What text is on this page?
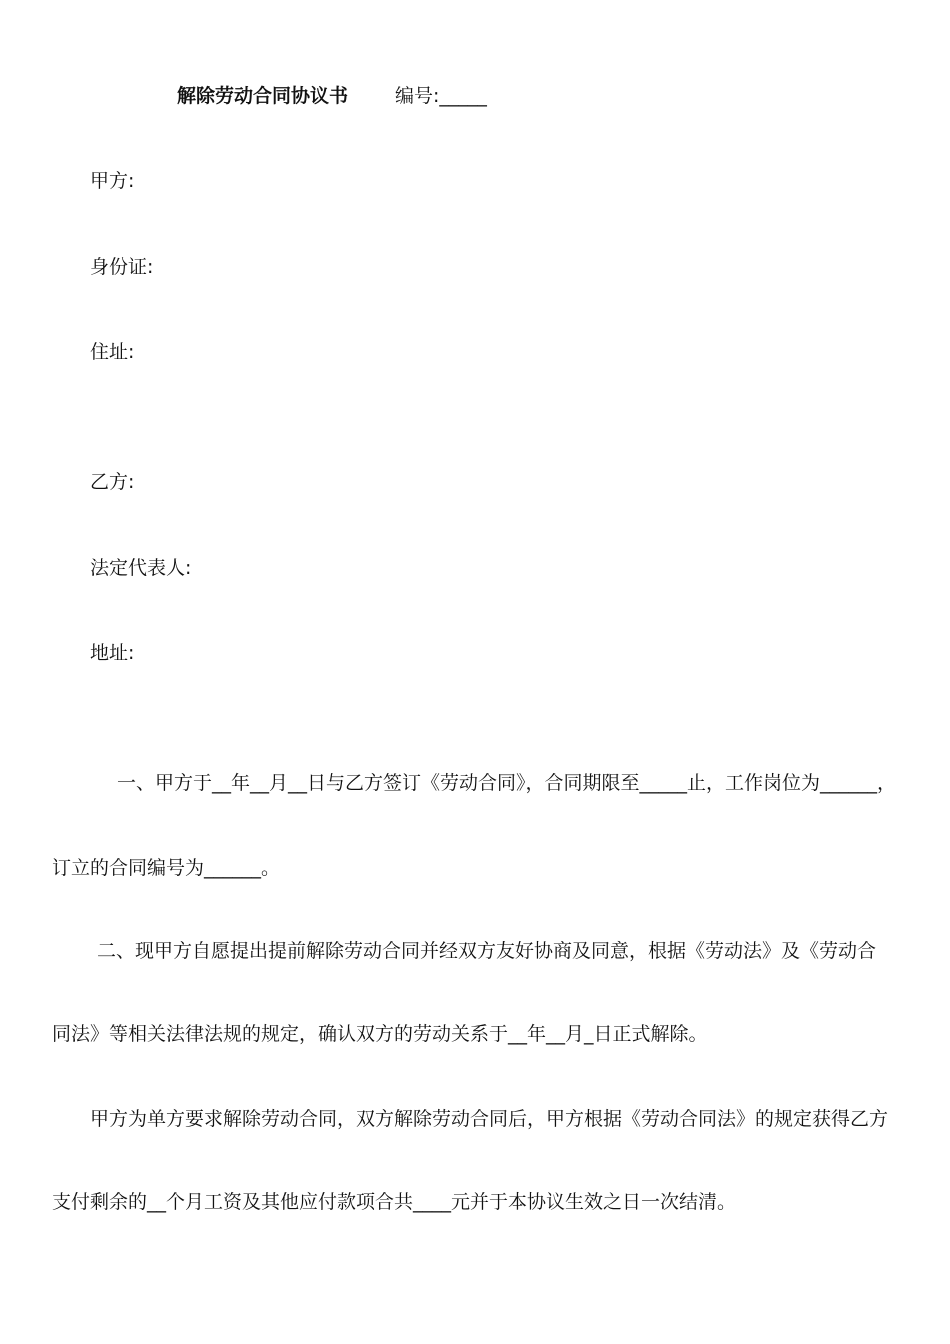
解除劳动合同协议书 编号:_____
甲方:
身份证:
住址:
乙方:
法定代表人:
地址:
一、甲方于__年__月__日与乙方签订《劳动合同》，合同期限至_____止，工作岗位为______，
订立的合同编号为______。
二、现甲方自愿提出提前解除劳动合同并经双方友好协商及同意，根据《劳动法》及《劳动合
同法》等相关法律法规的规定，确认双方的劳动关系于__年__月_日正式解除。
甲方为单方要求解除劳动合同，双方解除劳动合同后，甲方根据《劳动合同法》的规定获得乙方
支付剩余的__个月工资及其他应付款项合共____元并于本协议生效之日一次结清。
